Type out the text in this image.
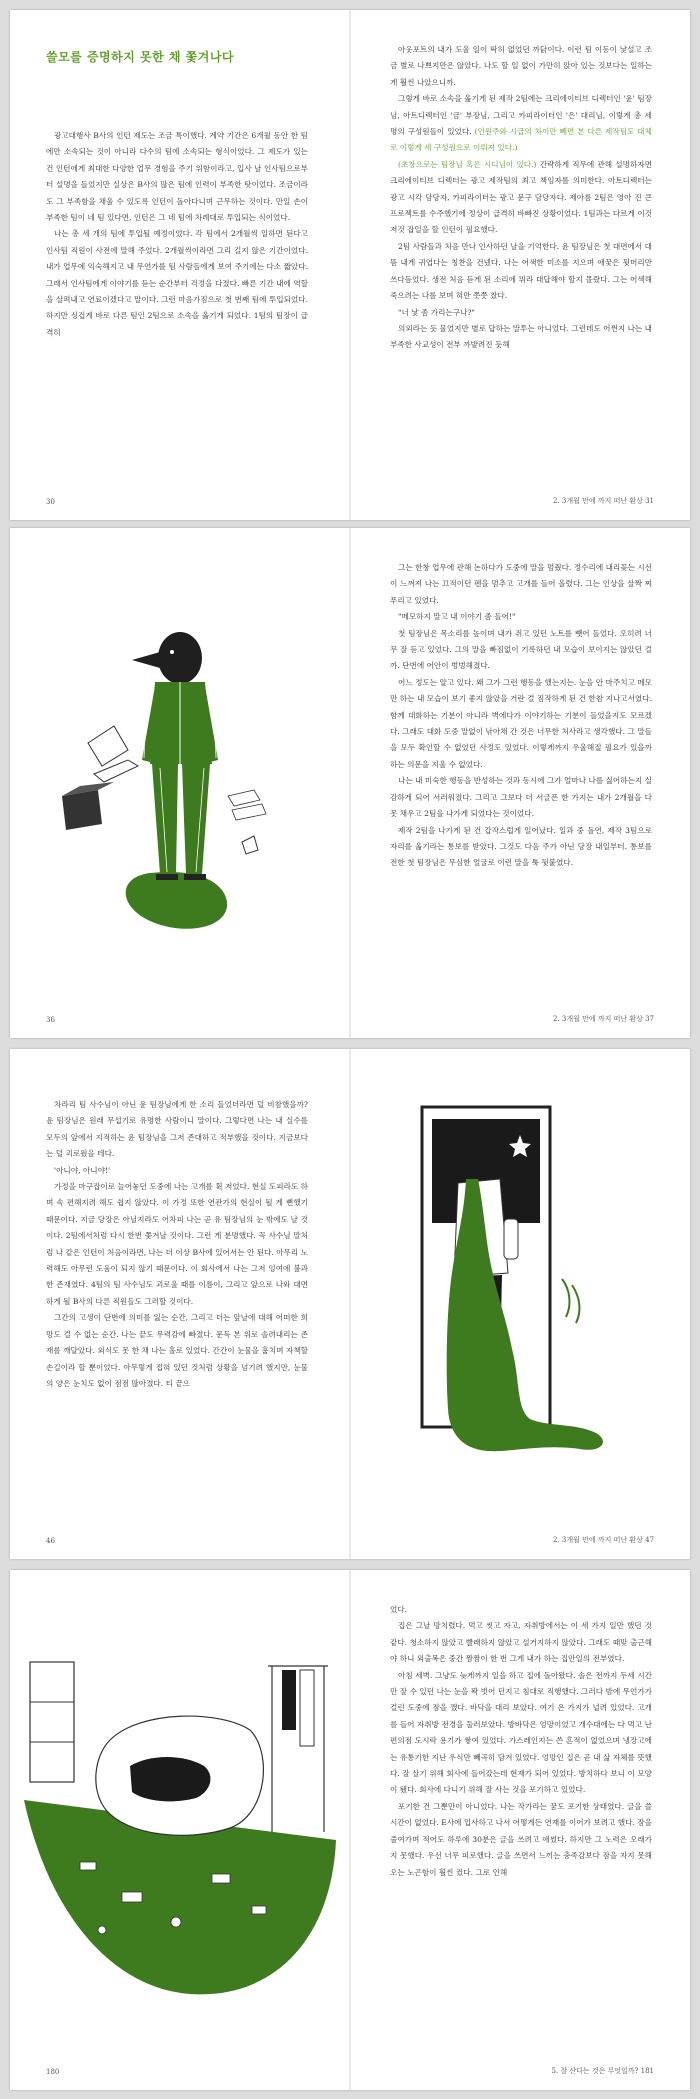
쓸모를 증명하지 못한 채 쫓겨나다

광고대행사 B사의 인턴 제도는 조금 특이했다. 계약 기간은 6개월 동안 한 팀에만 소속되는 것이 아니라 다수의 팀에 소속되는 형식이었다. 그 제도가 있는 건 인턴에게 최대한 다양한 업무 경험을 주기 위함이라고, 입사 날 인사팀으로부터 설명을 들었지만 실상은 B사의 많은 팀에 인력이 부족한 탓이었다. 조금이라도 그 부족함을 채울 수 있도록 인턴이 돌아다니며 근무하는 것이다. 만일 손이 부족한 팀이 네 팀 있다면, 인턴은 그 네 팀에 차례대로 투입되는 식이었다.

나는 총 세 개의 팀에 투입될 예정이었다. 각 팀에서 2개월씩 일하면 된다고 인사팀 직원이 사전에 말해 주었다. 2개월씩이라면 그리 길지 않은 기간이었다. 내가 업무에 익숙해지고 내 무언가를 팀 사람들에게 보여 주기에는 다소 짧았다. 그래서 인사팀에게 이야기를 듣는 순간부터 걱정을 다졌다. 빠른 기간 내에 역할을 살펴내고 연료이겠다고 말이다. 그런 마음가짐으로 첫 번째 팀에 투입되었다. 하지만 싱겁게 바로 다른 팀인 2팀으로 소속을 옮기게 되었다. 1팀의 팀장이 급격히

30

아웃포트의 내가 도울 일이 딱히 없었던 까닭이다. 이런 팀 이동이 낯설고 조금 별로 나쁘지만은 않았다. 나도 할 일 없이 가만히 앉아 있는 것보다는 일하는 게 훨씬 나았으니까.

그렇게 바로 소속을 옮기게 된 제작 2팀에는 크리에이티브 디렉터인 '윤' 팀장님, 아트디렉터인 '금' 부장님, 그리고 카피라이터인 '은' 대리님, 이렇게 총 세 명의 구성원들이 있었다. (인원주와 시급의 차이만 빼면 본 다른 제작팀도 대체로 이렇게 세 구성원으로 이뤄져 있다.)

(초창으로는 팀장님 혹은 시디님이 있다.) 간략하게 직무에 관해 설명하자면 크리에이티브 디렉터는 광고 제작팀의 최고 책임자를 의미한다. 아트디렉터는 광고 시각 담당자, 카피라이터는 광고 문구 담당자다. 제아름 2팀은 영아 진 큰 프로젝트를 수주했기에 정상이 급격히 바빠진 상황이었다. 1팀과는 다르게 이것저것 잡일을 할 인턴이 필요했다.

2팀 사람들과 처음 만나 인사하던 날을 기억한다. 윤 팀장님은 첫 대면에서 대뜸 내게 귀엽다는 칭찬을 건넸다. 나는 어색한 미소를 지으며 애꿎은 뒷머리만 쓰다듬었다. 생전 처음 듣게 된 소리에 뭐라 대답해야 할지 몰랐다. 그는 어색해 죽으려는 나를 보며 혀만 쯧쯧 찼다.

"너 낯 좀 가리는구나?"

의외라는 듯 물었지만 별로 답하는 말투는 아니었다. 그런데도 어쩐지 나는 내 부족한 사교성이 전부 까발려진 듯해

2. 3개월 만에 까지 떠난 환상 31
36

그는 한창 업무에 관해 논하다가 도중에 말을 멈췄다. 정수리에 내리꽂는 시선이 느껴져 나는 끄적이던 펜을 멈추고 고개를 들어 올렸다. 그는 인상을 살짝 찌푸리고 있었다.

"메모하지 말고 내 이야기 좀 들어!"

첫 팀장님은 목소리를 높이며 내가 쥐고 있던 노트를 뺏어 들었다. 오히려 너무 잘 듣고 있었다. 그의 말을 빠짐없이 기록하던 내 모습이 보이지는 않았던 걸까. 단번에 어안이 벙벙해졌다.

어느 정도는 알고 있다. 왜 그가 그런 행동을 했는지는. 눈을 안 마주치고 메모만 하는 내 모습이 보기 좋지 않았을 거란 걸 짐작하게 된 건 한참 지나고서였다. 함께 대화하는 기분이 아니라 벽에다가 이야기하는 기분이 들었을지도 모르겠다. 그래도 대화 도중 말없이 낚아채 간 것은 너무한 처사라고 생각했다. 그 말들을 모두 확인할 수 없었던 사정도 있었다. 이렇게까지 우울해질 필요가 있을까 하는 의문을 지울 수 없었다.

나는 내 미숙한 행동을 반성하는 것과 동시에 그가 얼마나 나를 싫어하는지 실감하게 되어 서러워졌다. 그리고 그보다 더 서글픈 한 가지는 내가 2개월을 다 못 채우고 2팀을 나가게 되었다는 것이었다.

제작 2팀을 나가게 된 건 갑작스럽게 일어났다. 일과 중 돌연, 제작 3팀으로 자리를 옮기라는 통보를 받았다. 그것도 다음 주가 아닌 당장 내일부터. 통보를 전한 첫 팀장님은 무심한 얼굴로 이런 말을 툭 뒷붙였다.

2. 3개월 만에 까지 떠난 환상 37

차라리 팀 사수님이 아닌 윤 팀장님에게 한 소리 들었더라면 덜 비참했을까? 윤 팀장님은 원래 무섭기로 유명한 사람이니 말이다. 그렇다면 나는 내 실수를 모두의 앞에서 지적하는 윤 팀장님을 그저 존대하고 적부했을 것이다. 지금보다는 덜 괴로웠을 테다.

'아니야, 아니야!'

가정을 마구잡이로 늘어놓던 도중에 나는 고개를 휙 저었다. 현실 도피라도 하며 속 편해지려 해도 쉽지 않았다. 이 가정 또한 연관가의 현실이 될 게 뻔했기 때문이다. 지금 당장은 아닐지라도 어차피 나는 곧 유 팀장님의 눈 밖에도 날 것이다. 2팀에서처럼 다시 한번 쫓겨날 것이다. 그런 게 분명했다. 꼭 사수님 말처럼 나 같은 인턴이 처음이라면, 나는 더 이상 B사에 있어서는 안 된다. 아무리 노력해도 아무런 도움이 되지 않기 때문이다. 이 회사에서 나는 그저 잉여에 불과한 존재였다. 4팀의 팀 사수님도 괴로울 때를 이름이, 그리고 앞으로 나와 대면하게 될 B사의 다른 직원들도 그러할 것이다.

그간의 고생이 단번에 의미를 잃는 순간, 그리고 더는 앞날에 대해 어떠한 희망도 걸 수 없는 순간. 나는 끝도 무력감에 빠졌다. 문득 본 위로 솔려내리는 존재를 깨달았다. 외식도 못 한 채 나는 홀로 있었다. 간간이 눈물을 훔치며 자책할 손길이라 할 뿐이었다. 아무렇게 접혀 있던 것처럼 상황을 넘기려 했지만, 눈물의 양은 눈치도 없이 점점 많아졌다. 티 끝으

46	2. 3개월 만에 까지 떠난 환상 47
180

었다.

집은 그날 망치렸다. 먹고 씻고 자고, 자취방에서는 이 세 가지 일만 했던 것 같다. 청소하지 않았고 빨래하지 않았고 설거지하지 않았다. 그래도 때맞 출근해야 하니 외출복은 중간 짬짬이 한 번 그게 내가 하는 집안일의 전부였다.

아침 세벽. 그냥도 늦게까지 일을 하고 집에 돌아왔다. 솔은 전까지 두세 시간만 잘 수 있던 나는 눈을 꽉 벗어 던지고 침대로 직행했다. 그러다 밤에 무언가가 걸린 도중에 잠을 깼다. 바닥을 대리 보았다. 여기 온 가지가 널려 있었다. 고개를 들어 자취방 전경을 둘러보았다. 방바닥은 엉망이었고 개수대에는 다 먹고 난 편의점 도시락 용기가 쌓여 있었다. 가스레인지는 쓴 흔적이 없었으며 냉장고에는 유통기한 지난 우식만 빼곡히 담겨 있었다. 엉망인 집은 곧 내 삶 자체를 뜻했다. 잘 살기 위해 회사에 들어갔는데 현재가 되어 있었다. 방치하다 보니 이 모양이 됐다. 회사에 다니기 위해 잘 사는 것을 포기하고 있었다.

포기한 건 그뿐만이 아니었다. 나는 작가라는 꿈도 포기한 상태였다. 글을 쓸 시간이 없었다. E사에 입사하고 나서 어떻게든 연재를 이어가 보려고 했다. 잠을 줄여가며 적어도 하루에 30분은 글을 쓰려고 애썼다. 하지만 그 노력은 오래가지 못했다. 우선 너무 피로했다. 글을 쓰면서 느끼는 충족감보다 잠을 자지 못해 오는 노곤함이 훨씬 컸다. 그로 인해

5. 잘 산다는 것은 무엇일까? 181
